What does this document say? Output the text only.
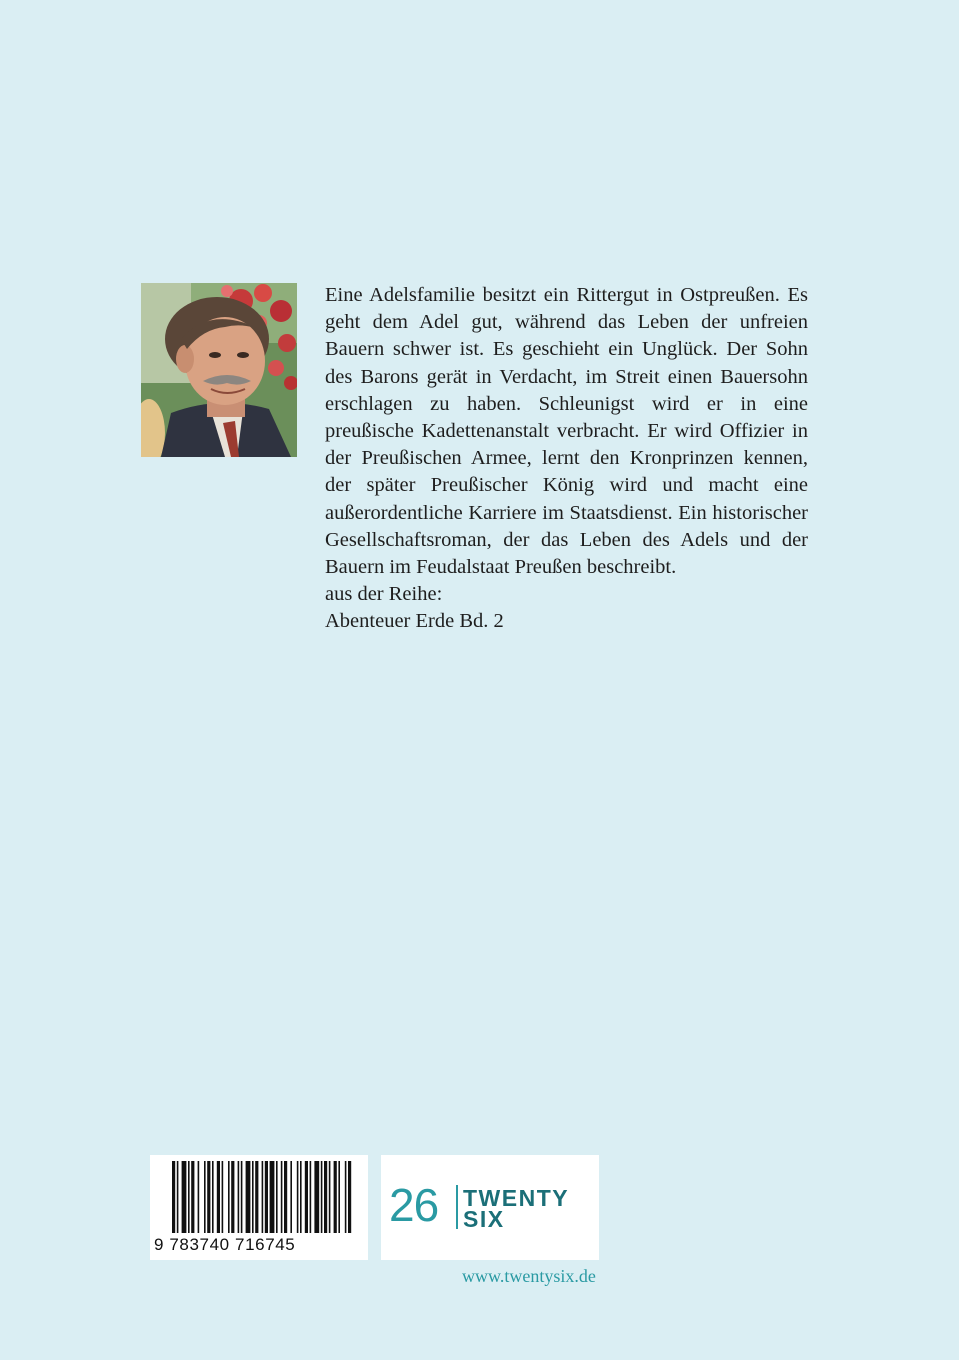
Eine Adelsfamilie besitzt ein Rittergut in Ostpreußen. Es geht dem Adel gut, während das Leben der unfreien Bauern schwer ist. Es geschieht ein Unglück. Der Sohn des Barons gerät in Verdacht, im Streit einen Bauersohn erschlagen zu haben. Schleunigst wird er in eine preußische Kadettenanstalt verbracht. Er wird Offizier in der Preußischen Armee, lernt den Kronprinzen kennen, der später Preußischer König wird und macht eine außerordentliche Karriere im Staatsdienst. Ein historischer Gesellschaftsroman, der das Leben des Adels und der Bauern im Feudalstaat Preußen beschreibt.

aus der Reihe:

Abenteuer Erde Bd. 2

9 783740 716745
26 TWENTY
SIX
www.twentysix.de
